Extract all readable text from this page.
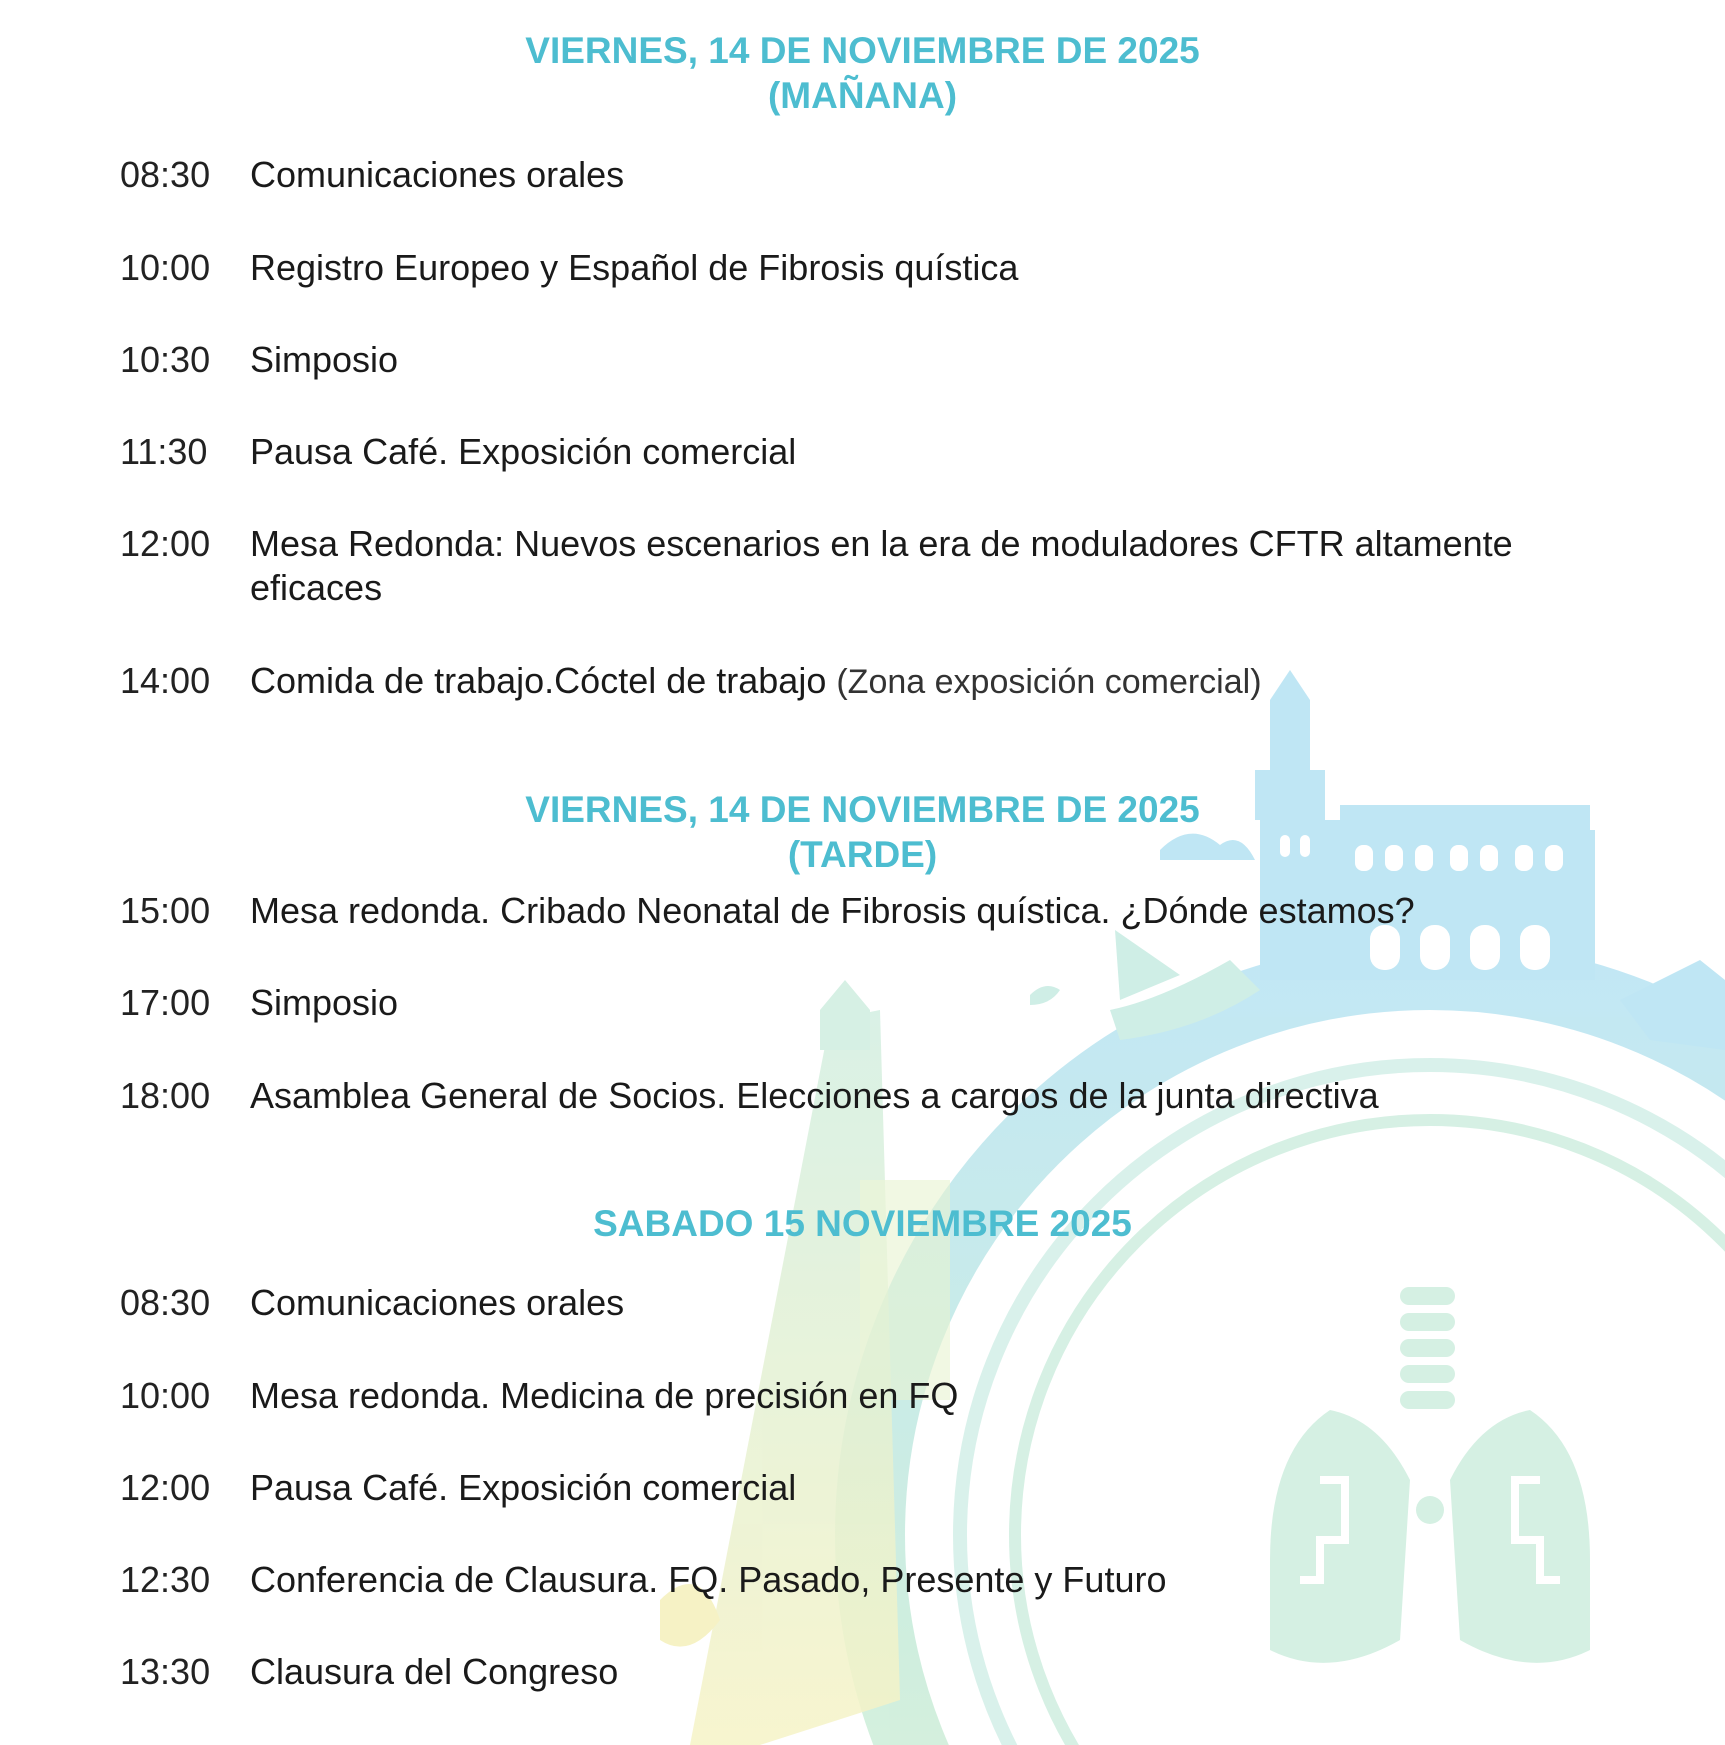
VIERNES, 14 DE NOVIEMBRE DE 2025
(MAÑANA)
08:30	Comunicaciones orales
10:00	Registro Europeo y Español de Fibrosis quística
10:30	Simposio
11:30	Pausa Café. Exposición comercial
12:00	Mesa Redonda: Nuevos escenarios en la era de moduladores CFTR altamente eficaces
14:00	Comida de trabajo.Cóctel de trabajo (Zona exposición comercial)
VIERNES, 14 DE NOVIEMBRE DE 2025
(TARDE)
15:00	Mesa redonda. Cribado Neonatal de Fibrosis quística. ¿Dónde estamos?
17:00	Simposio
18:00	Asamblea General de Socios. Elecciones a cargos de la junta directiva
SABADO 15 NOVIEMBRE 2025
08:30	Comunicaciones orales
10:00	Mesa redonda. Medicina de precisión en FQ
12:00	Pausa Café. Exposición comercial
12:30	Conferencia de Clausura. FQ. Pasado, Presente y Futuro
13:30	Clausura del Congreso
